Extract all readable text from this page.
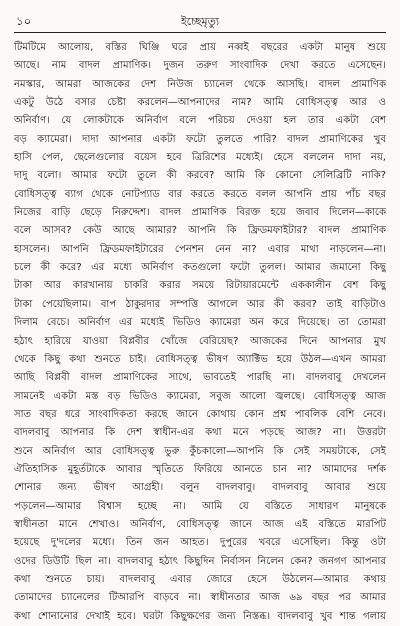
১০	ইচ্ছেমৃত্যু
টিমটিমে আলোয়, বস্তির ঘিঞ্জি ঘরে প্রায় নব্বই বছরের একটা মানুষ শুয়ে
আছে। নাম বাদল প্রামাণিক। দুজন তরুণ সাংবাদিক দেখা করতে এসেছেন।
নমস্কার, আমরা আজকের দেশ নিউজ চ্যানেল থেকে আসছি। বাদল প্রামাণিক
একটু উঠে বসার চেষ্টা করলেন—আপনাদের নাম? আমি বোধিসত্ত্ব আর ও
অনির্বাণ। যে লোকটাকে অনির্বাণ বলে পরিচয় দেওয়া হল তার একটা বেশ
বড় ক্যামেরা। দাদা আপনার একটা ফটো তুলতে পারি? বাদল প্রামাণিকের খুব
হাসি পেল, ছেলেগুলোর বয়েস হবে ত্রিরিশের মধ্যেই। হেসে বললেন দাদা নয়,
দাদু বলো। আমার ফটো তুলে কী করবে? আমি কি কোনো সেলিব্রিটি নাকি?
বোধিসত্ত্ব ব্যাগ থেকে নোটপ্যাড বার করতে করতে বলল আপনি প্রায় পাঁচ বছর
নিজের বাড়ি ছেড়ে নিরুদ্দেশ। বাদল প্রামাণিক বিরক্ত হয়ে জবাব দিলেন—কাকে
বলে আসব? কেউ আছে আমার? আপনি কি ফ্রিডমফাইটার? বাদল প্রামাণিক
হাসলেন। আপনি ফ্রিডমফাইটারের পেনশন নেন না? এবার মাথা নাড়লেন—না।
চলে কী করে? এর মধ্যে অনির্বাণ কতগুলো ফটো তুলল। আমার জমানো কিছু
টাকা আর কারখানায় চাকরি করার সময়ে রিটায়ারমেন্টে এককালীন বেশ কিছু
টাকা পেয়েছিলাম। বাপ ঠাকুরদার সম্পত্তি আগলে আর কী করব? তাই বাড়িটাও
দিলাম বেচে। অনির্বাণ এর মধ্যেই ভিডিও ক্যামেরা অন করে দিয়েছে। তা তোমরা
হঠাৎ হারিয়ে যাওয়া বিপ্লবীর খোঁজে বেরিয়েছ? আজকের দিনে আপনার মুখ
থেকে কিছু কথা শুনতে চাই। বোধিসত্ত্ব ভীষণ অ্যাক্টিভ হয়ে উঠল—এখন আমরা
আছি বিপ্লবী বাদল প্রামাণিকের সাথে, ভাবতেই পারছি না। বাদলবাবু দেখলেন
সামনেই একটা মস্ত বড় ভিডিও ক্যামেরা, সবুজ আলো জ্বলছে। বোধিসত্ত্ব আজ
সাত বছর ধরে সাংবাদিকতা করছে জানে কোথায় কোন প্রশ্ন পাবলিক বেশি নেবে।
বাদলবাবু আপনার কি দেশ স্বাধীন-এর কথা মনে পড়ছে আজ? না। উত্তরটা
শুনে অনির্বাণ আর বোধিসত্ত্ব ভুরু কুঁচকালো—আপনি কি সেই সময়টাকে, সেই
ঐতিহাসিক মুহূর্তটাকে আবার স্মৃতিতে ফিরিয়ে আনতে চান না? আমাদের দর্শক
শোনার জন্য ভীষণ আগ্রহী। বলুন বাদলবাবু। বাদলবাবু আবার শুয়ে
পড়লেন—আমার বিশ্বাস হচ্ছে না। আমি যে বস্তিতে সাধারণ মানুষকে
স্বাধীনতা মানে শেখাও। অনির্বাণ, বোধিসত্ত্ব জানে আজ এই বস্তিতে মারপিট
হয়েছে দু'দলের মধ্যে। তিন জন আহত। দুপুরের খবরে এসেছিল। কিন্তু ওটা
ওদের ডিউটি ছিল না। বাদলবাবু হঠাৎ কিছুদিন নির্বাসন নিলেন কেন? জনগণ আপনার
কথা শুনতে চায়। বাদলবাবু এবার জোরে হেসে উঠলেন—আমার কথায়
তোমাদের চ্যানেলের টিআরপি বাড়বে না। স্বাধীনতার আজ ৬৯ বছর পর আমার
কথা শোনানোর দেখাই হবে। ঘরটা কিছুক্ষণের জন্য নিস্তব্ধ। বাদলবাবু খুব শান্ত গলায়
